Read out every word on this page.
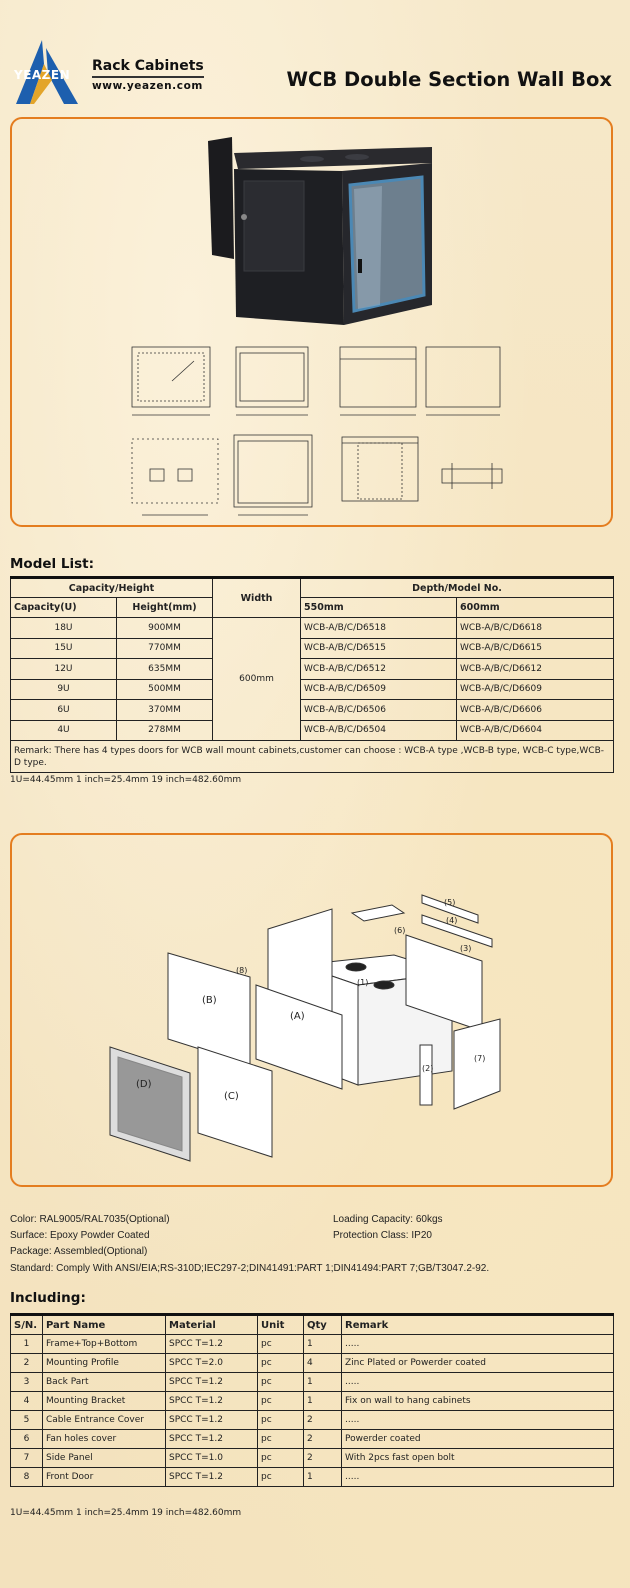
YEAZEN
Rack Cabinets
www.yeazen.com	WCB Double Section Wall Box
Model List:
Capacity/Height		Width	Depth/Model No.	
Capacity(U)	Height(mm)		550mm	600mm
18U	900MM	600mm	WCB-A/B/C/D6518	WCB-A/B/C/D6618
15U	770MM		WCB-A/B/C/D6515	WCB-A/B/C/D6615
12U	635MM		WCB-A/B/C/D6512	WCB-A/B/C/D6612
9U	500MM		WCB-A/B/C/D6509	WCB-A/B/C/D6609
6U	370MM		WCB-A/B/C/D6506	WCB-A/B/C/D6606
4U	278MM		WCB-A/B/C/D6504	WCB-A/B/C/D6604
Remark: There has 4 types doors for WCB wall mount cabinets,customer can choose : WCB-A type ,WCB-B type, WCB-C type,WCB-D type.				
1U=44.45mm 1 inch=25.4mm 19 inch=482.60mm
(1)
(2)
(3)
(4)
(5)
(6)
(7)
(8)
(A)
(B)
(C)
(D)
Color: RAL9005/RAL7035(Optional)
Surface: Epoxy Powder Coated
Package: Assembled(Optional)
Standard: Comply With ANSI/EIA;RS-310D;IEC297-2;DIN41491:PART 1;DIN41494:PART 7;GB/T3047.2-92.
Loading Capacity: 60kgs
Protection Class: IP20
Including:
S/N.	Part Name	Material	Unit	Qty	Remark
1	Frame+Top+Bottom	SPCC T=1.2	pc	1	.....
2	Mounting Profile	SPCC T=2.0	pc	4	Zinc Plated or Powerder coated
3	Back Part	SPCC T=1.2	pc	1	.....
4	Mounting Bracket	SPCC T=1.2	pc	1	Fix on wall to hang cabinets
5	Cable Entrance Cover	SPCC T=1.2	pc	2	.....
6	Fan holes cover	SPCC T=1.2	pc	2	Powerder coated
7	Side Panel	SPCC T=1.0	pc	2	With 2pcs fast open bolt
8	Front Door	SPCC T=1.2	pc	1	.....
1U=44.45mm 1 inch=25.4mm 19 inch=482.60mm
